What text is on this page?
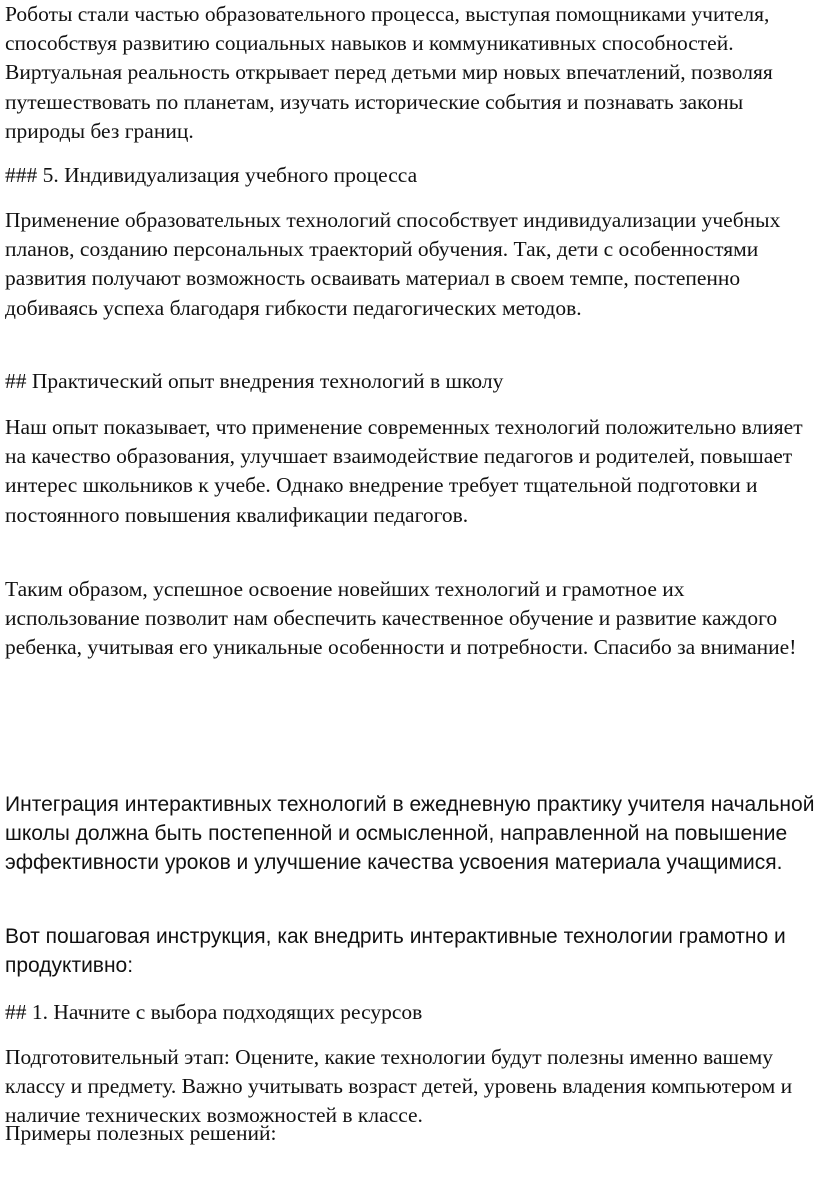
Роботы стали частью образовательного процесса, выступая помощниками учителя, способствуя развитию социальных навыков и коммуникативных способностей. Виртуальная реальность открывает перед детьми мир новых впечатлений, позволяя путешествовать по планетам, изучать исторические события и познавать законы природы без границ.

### 5. Индивидуализация учебного процесса

Применение образовательных технологий способствует индивидуализации учебных планов, созданию персональных траекторий обучения. Так, дети с особенностями развития получают возможность осваивать материал в своем темпе, постепенно добиваясь успеха благодаря гибкости педагогических методов.

## Практический опыт внедрения технологий в школу

Наш опыт показывает, что применение современных технологий положительно влияет на качество образования, улучшает взаимодействие педагогов и родителей, повышает интерес школьников к учебе. Однако внедрение требует тщательной подготовки и постоянного повышения квалификации педагогов.

Таким образом, успешное освоение новейших технологий и грамотное их использование позволит нам обеспечить качественное обучение и развитие каждого ребенка, учитывая его уникальные особенности и потребности. Спасибо за внимание!

Интеграция интерактивных технологий в ежедневную практику учителя начальной школы должна быть постепенной и осмысленной, направленной на повышение эффективности уроков и улучшение качества усвоения материала учащимися.

Вот пошаговая инструкция, как внедрить интерактивные технологии грамотно и продуктивно:

## 1. Начните с выбора подходящих ресурсов

Подготовительный этап: Оцените, какие технологии будут полезны именно вашему классу и предмету. Важно учитывать возраст детей, уровень владения компьютером и наличие технических возможностей в классе.

Примеры полезных решений:
